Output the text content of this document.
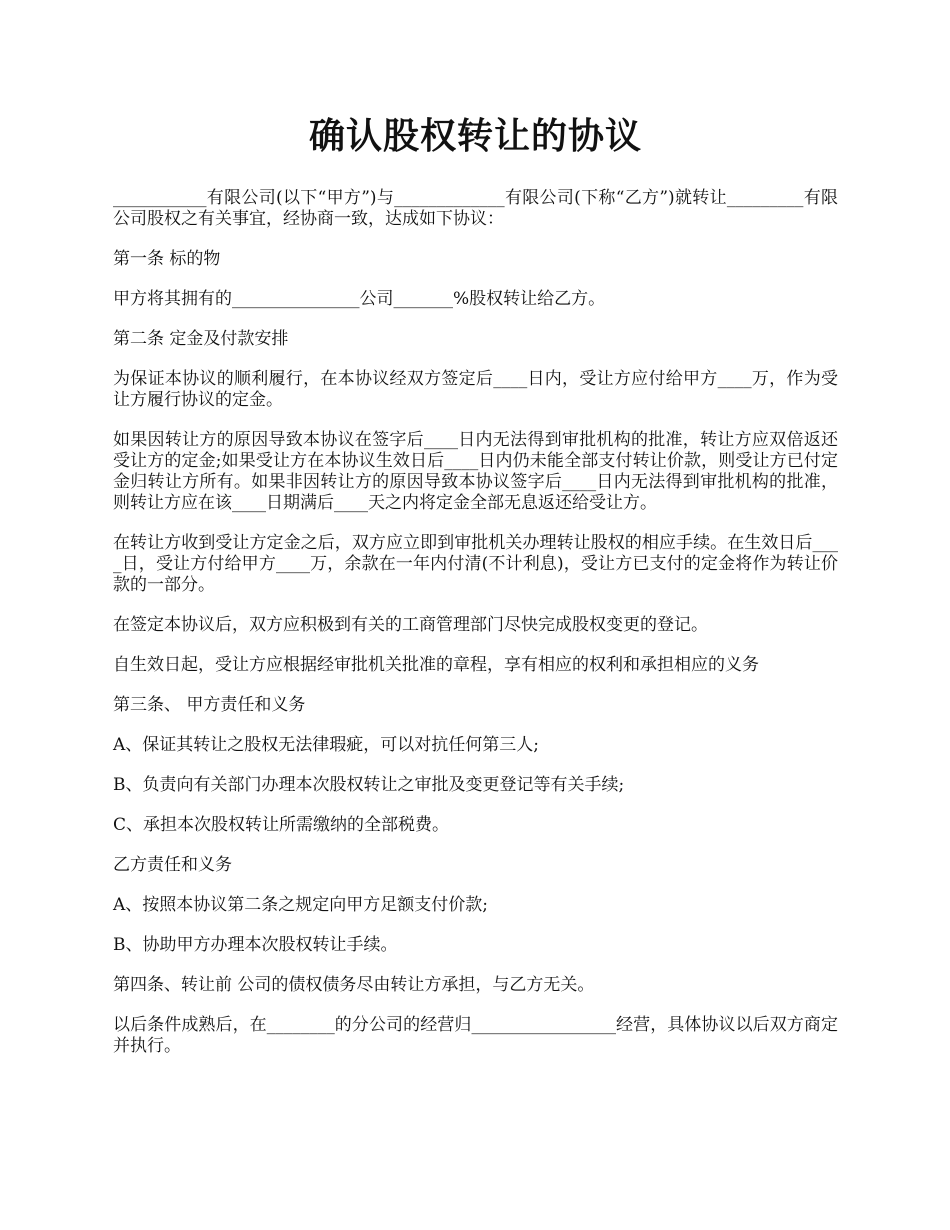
确认股权转让的协议

___________有限公司(以下“甲方”)与_____________有限公司(下称“乙方”)就转让_________有限公司股权之有关事宜，经协商一致，达成如下协议：

第一条 标的物

甲方将其拥有的_______________公司_______%股权转让给乙方。

第二条 定金及付款安排

为保证本协议的顺利履行，在本协议经双方签定后____日内，受让方应付给甲方____万，作为受让方履行协议的定金。

如果因转让方的原因导致本协议在签字后____日内无法得到审批机构的批准，转让方应双倍返还受让方的定金;如果受让方在本协议生效日后____日内仍未能全部支付转让价款，则受让方已付定金归转让方所有。如果非因转让方的原因导致本协议签字后____日内无法得到审批机构的批准，则转让方应在该____日期满后____天之内将定金全部无息返还给受让方。

在转让方收到受让方定金之后，双方应立即到审批机关办理转让股权的相应手续。在生效日后____日，受让方付给甲方____万，余款在一年内付清(不计利息)，受让方已支付的定金将作为转让价款的一部分。

在签定本协议后，双方应积极到有关的工商管理部门尽快完成股权变更的登记。

自生效日起，受让方应根据经审批机关批准的章程，享有相应的权利和承担相应的义务

第三条、 甲方责任和义务

A、保证其转让之股权无法律瑕疵，可以对抗任何第三人;

B、负责向有关部门办理本次股权转让之审批及变更登记等有关手续;

C、承担本次股权转让所需缴纳的全部税费。

乙方责任和义务

A、按照本协议第二条之规定向甲方足额支付价款;

B、协助甲方办理本次股权转让手续。

第四条、转让前 公司的债权债务尽由转让方承担，与乙方无关。

以后条件成熟后，在________的分公司的经营归_________________经营，具体协议以后双方商定并执行。
